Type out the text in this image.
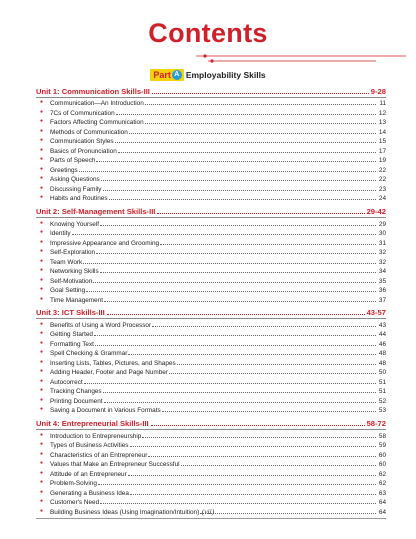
Contents
Part A Employability Skills
Unit 1: Communication Skills-III	9-28
●	Communication—An Introduction	11
●	7Cs of Communication	12
●	Factors Affecting Communication	13
●	Methods of Communication	14
●	Communication Styles	15
●	Basics of Pronunciation	17
●	Parts of Speech	19
●	Greetings	22
●	Asking Questions	22
●	Discussing Family	23
●	Habits and Routines	24
Unit 2: Self-Management Skills-III	29-42
●	Knowing Yourself	29
●	Identity	30
●	Impressive Appearance and Grooming	31
●	Self-Exploration	32
●	Team Work	32
●	Networking Skills	34
●	Self-Motivation	35
●	Goal Setting	36
●	Time Management	37
Unit 3: ICT Skills-III	43-57
●	Benefits of Using a Word Processor	43
●	Getting Started	44
●	Formatting Text	46
●	Spell Checking & Grammar	48
●	Inserting Lists, Tables, Pictures, and Shapes	48
●	Adding Header, Footer and Page Number	50
●	Autocorrect	51
●	Tracking Changes	51
●	Printing Document	52
●	Saving a Document in Various Formats	53
Unit 4: Entrepreneurial Skills-III	58-72
●	Introduction to Entrepreneurship	58
●	Types of Business Activities	59
●	Characteristics of an Entrepreneur	60
●	Values that Make an Entrepreneur Successful	60
●	Attitude of an Entrepreneur	62
●	Problem-Solving	62
●	Generating a Business Idea	63
●	Customer's Need	64
●	Building Business Ideas (Using Imagination/Intuition)	64
(vii)
